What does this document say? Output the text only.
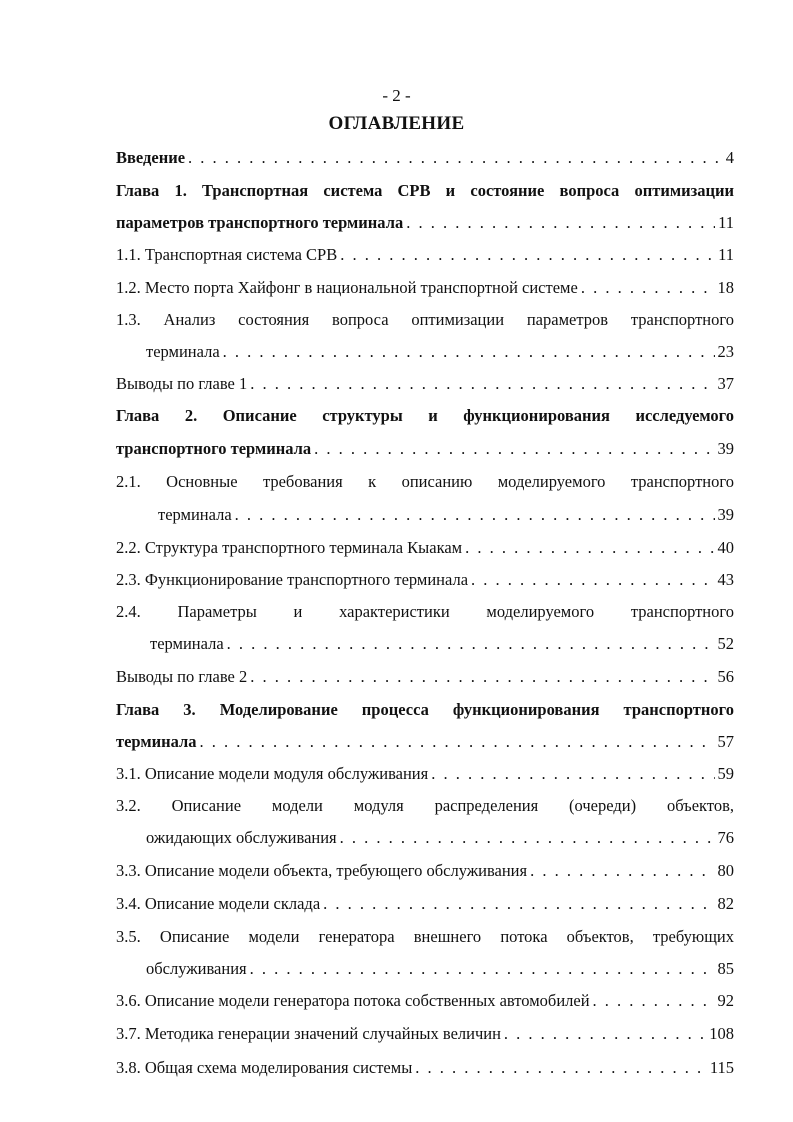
- 2 -
ОГЛАВЛЕНИЕ
Введение . . .	4
Глава 1. Транспортная система СРВ и состояние вопроса оптимизации
параметров транспортного терминала . . .	11
1.1. Транспортная система СРВ . . .	11
1.2. Место порта Хайфонг в национальной транспортной системе . . .	18
1.3. Анализ состояния вопроса оптимизации параметров транспортного
терминала . . .	23
Выводы по главе 1 . . .	37
Глава 2. Описание структуры и функционирования исследуемого
транспортного терминала . . .	39
2.1. Основные требования к описанию моделируемого транспортного
терминала . . .	39
2.2. Структура транспортного терминала Кыакам . . .	40
2.3. Функционирование транспортного терминала . . .	43
2.4. Параметры и характеристики моделируемого транспортного
терминала . . .	52
Выводы по главе 2 . . .	56
Глава 3. Моделирование процесса функционирования транспортного
терминала . . .	57
3.1. Описание модели модуля обслуживания . . .	59
3.2. Описание модели модуля распределения (очереди) объектов,
ожидающих обслуживания . . .	76
3.3. Описание модели объекта, требующего обслуживания . . .	80
3.4. Описание модели склада . . .	82
3.5. Описание модели генератора внешнего потока объектов, требующих
обслуживания . . .	85
3.6. Описание модели генератора потока собственных автомобилей . . .	92
3.7. Методика генерации значений случайных величин . . .	108
3.8. Общая схема моделирования системы . . .	115
